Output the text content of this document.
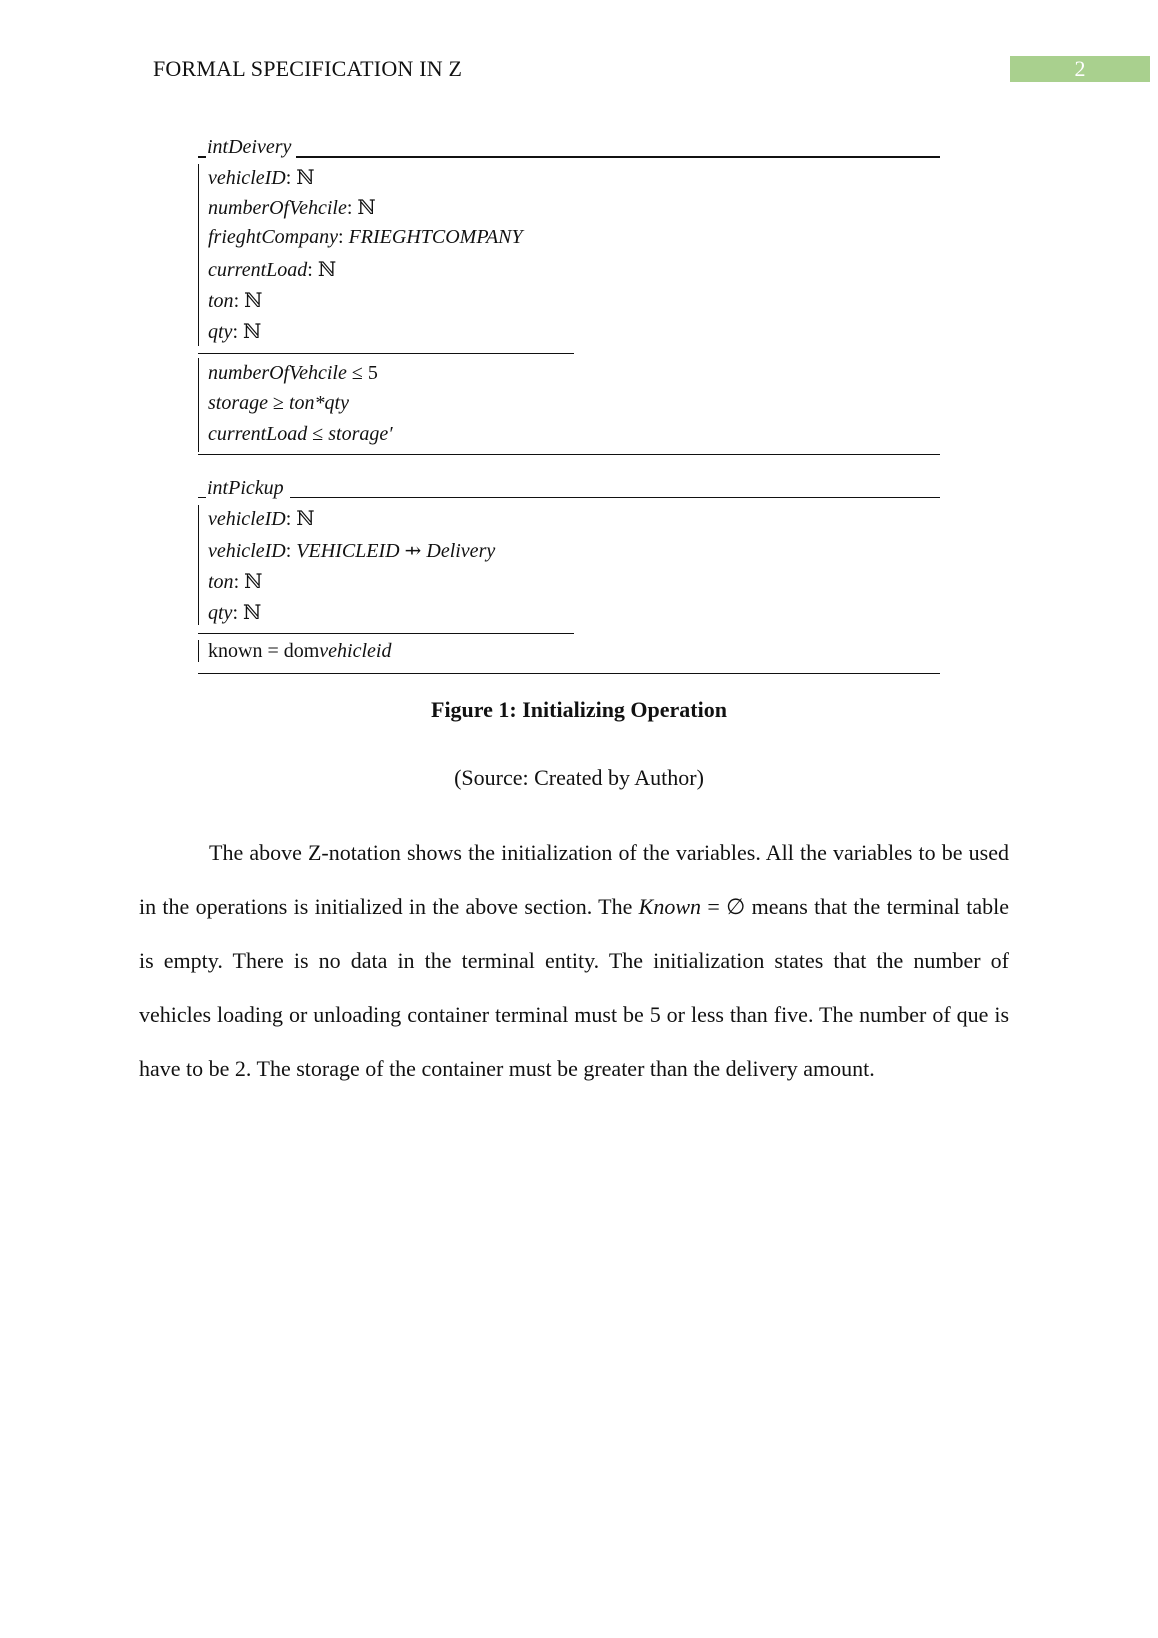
FORMAL SPECIFICATION IN Z	2
intDeivery
vehicleID: ℕ
numberOfVehcile: ℕ
frieghtCompany: FRIEGHTCOMPANY
currentLoad: ℕ
ton: ℕ
qty: ℕ
numberOfVehcile ≤ 5
storage ≥ ton*qty
currentLoad ≤ storage′
intPickup
vehicleID: ℕ
vehicleID: VEHICLEID ⇸ Delivery
ton: ℕ
qty: ℕ
known = domvehicleid
Figure 1: Initializing Operation
(Source: Created by Author)
The above Z-notation shows the initialization of the variables. All the variables to be used in the operations is initialized in the above section. The Known = ∅ means that the terminal table is empty. There is no data in the terminal entity. The initialization states that the number of vehicles loading or unloading container terminal must be 5 or less than five. The number of que is have to be 2. The storage of the container must be greater than the delivery amount.
